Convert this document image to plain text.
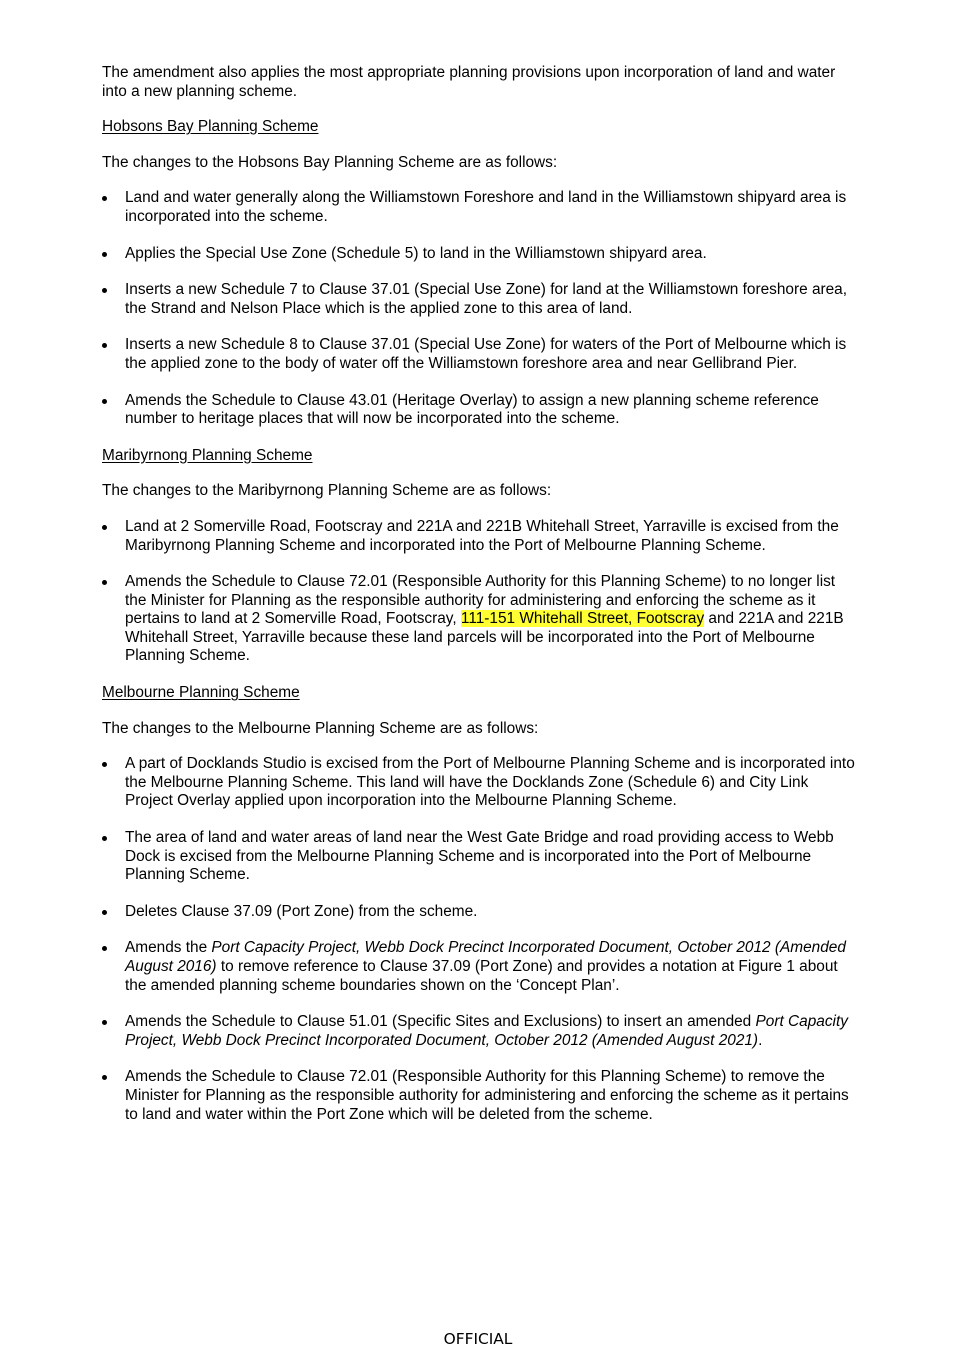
The amendment also applies the most appropriate planning provisions upon incorporation of land and water into a new planning scheme.

Hobsons Bay Planning Scheme

The changes to the Hobsons Bay Planning Scheme are as follows:

Land and water generally along the Williamstown Foreshore and land in the Williamstown shipyard area is incorporated into the scheme.
Applies the Special Use Zone (Schedule 5) to land in the Williamstown shipyard area.
Inserts a new Schedule 7 to Clause 37.01 (Special Use Zone) for land at the Williamstown foreshore area, the Strand and Nelson Place which is the applied zone to this area of land.
Inserts a new Schedule 8 to Clause 37.01 (Special Use Zone) for waters of the Port of Melbourne which is the applied zone to the body of water off the Williamstown foreshore area and near Gellibrand Pier.
Amends the Schedule to Clause 43.01 (Heritage Overlay) to assign a new planning scheme reference number to heritage places that will now be incorporated into the scheme.

Maribyrnong Planning Scheme

The changes to the Maribyrnong Planning Scheme are as follows:

Land at 2 Somerville Road, Footscray and 221A and 221B Whitehall Street, Yarraville is excised from the Maribyrnong Planning Scheme and incorporated into the Port of Melbourne Planning Scheme.
Amends the Schedule to Clause 72.01 (Responsible Authority for this Planning Scheme) to no longer list the Minister for Planning as the responsible authority for administering and enforcing the scheme as it pertains to land at 2 Somerville Road, Footscray, 111-151 Whitehall Street, Footscray and 221A and 221B Whitehall Street, Yarraville because these land parcels will be incorporated into the Port of Melbourne Planning Scheme.

Melbourne Planning Scheme

The changes to the Melbourne Planning Scheme are as follows:

A part of Docklands Studio is excised from the Port of Melbourne Planning Scheme and is incorporated into the Melbourne Planning Scheme. This land will have the Docklands Zone (Schedule 6) and City Link Project Overlay applied upon incorporation into the Melbourne Planning Scheme.
The area of land and water areas of land near the West Gate Bridge and road providing access to Webb Dock is excised from the Melbourne Planning Scheme and is incorporated into the Port of Melbourne Planning Scheme.
Deletes Clause 37.09 (Port Zone) from the scheme.
Amends the Port Capacity Project, Webb Dock Precinct Incorporated Document, October 2012 (Amended August 2016) to remove reference to Clause 37.09 (Port Zone) and provides a notation at Figure 1 about the amended planning scheme boundaries shown on the ‘Concept Plan’.
Amends the Schedule to Clause 51.01 (Specific Sites and Exclusions) to insert an amended Port Capacity Project, Webb Dock Precinct Incorporated Document, October 2012 (Amended August 2021).
Amends the Schedule to Clause 72.01 (Responsible Authority for this Planning Scheme) to remove the Minister for Planning as the responsible authority for administering and enforcing the scheme as it pertains to land and water within the Port Zone which will be deleted from the scheme.
OFFICIAL
